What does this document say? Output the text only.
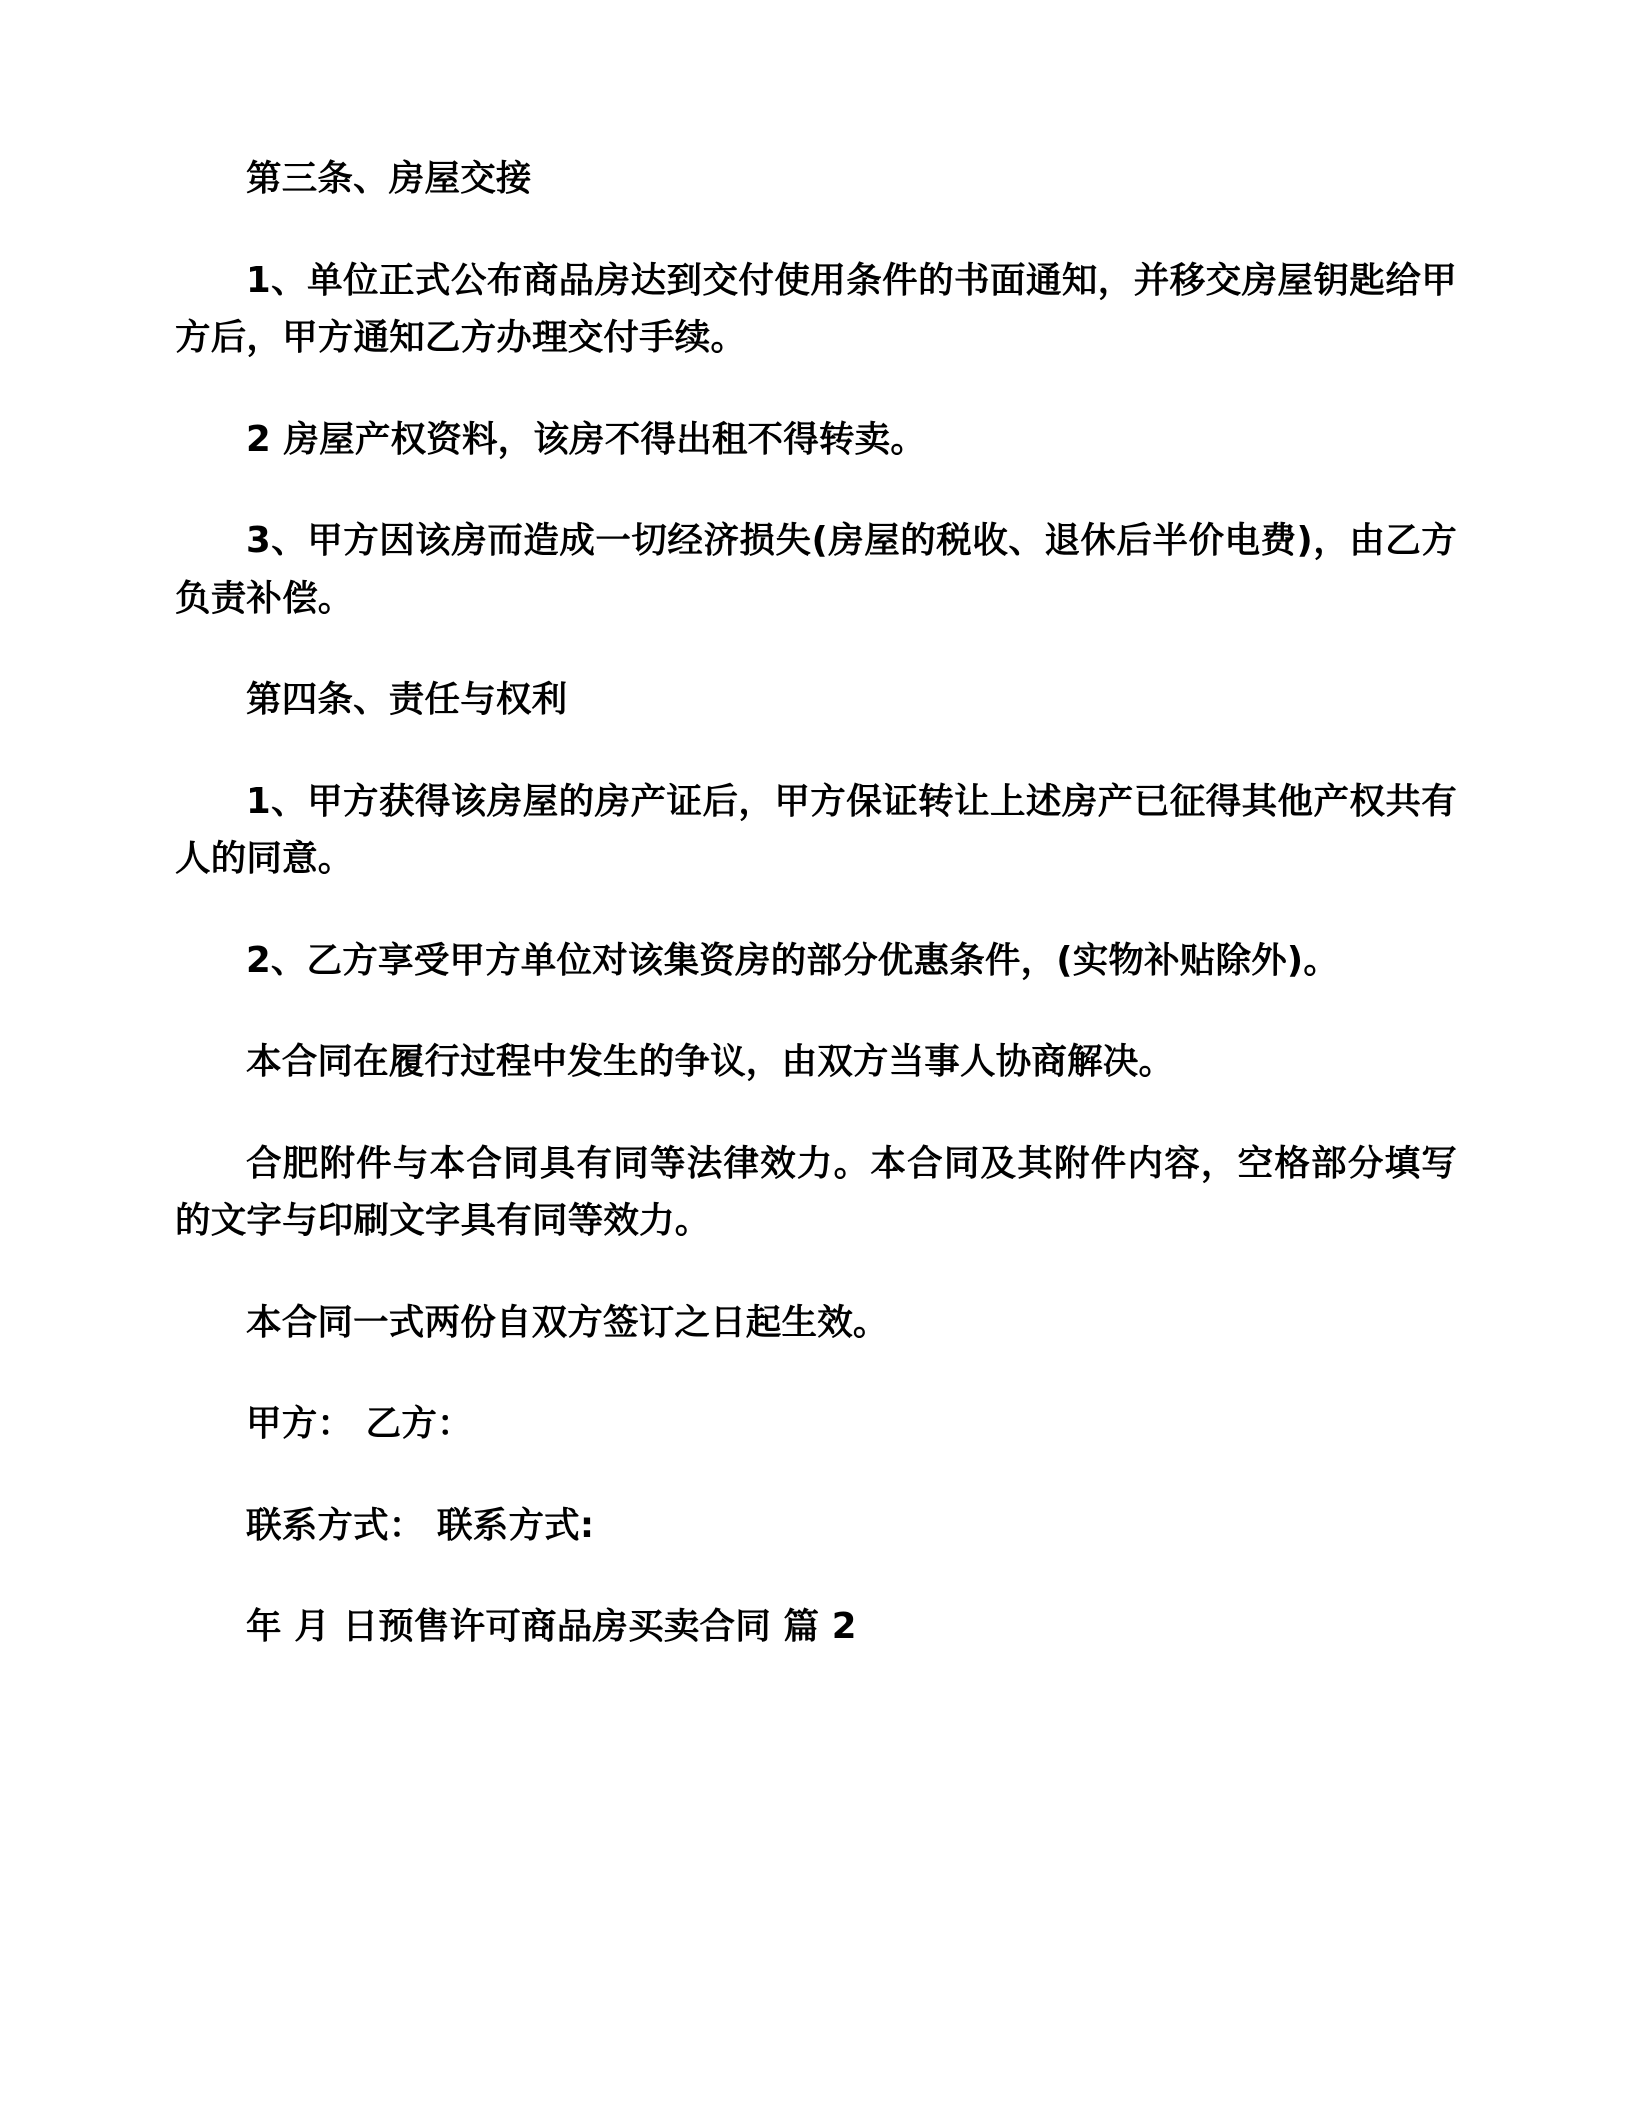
第三条、房屋交接

1、单位正式公布商品房达到交付使用条件的书面通知，并移交房屋钥匙给甲方后，甲方通知乙方办理交付手续。

2 房屋产权资料，该房不得出租不得转卖。

3、甲方因该房而造成一切经济损失(房屋的税收、退休后半价电费)，由乙方负责补偿。

第四条、责任与权利

1、甲方获得该房屋的房产证后，甲方保证转让上述房产已征得其他产权共有人的同意。

2、乙方享受甲方单位对该集资房的部分优惠条件，(实物补贴除外)。

本合同在履行过程中发生的争议，由双方当事人协商解决。

合肥附件与本合同具有同等法律效力。本合同及其附件内容，空格部分填写的文字与印刷文字具有同等效力。

本合同一式两份自双方签订之日起生效。

甲方： 乙方：

联系方式： 联系方式:

年 月 日预售许可商品房买卖合同 篇 2
